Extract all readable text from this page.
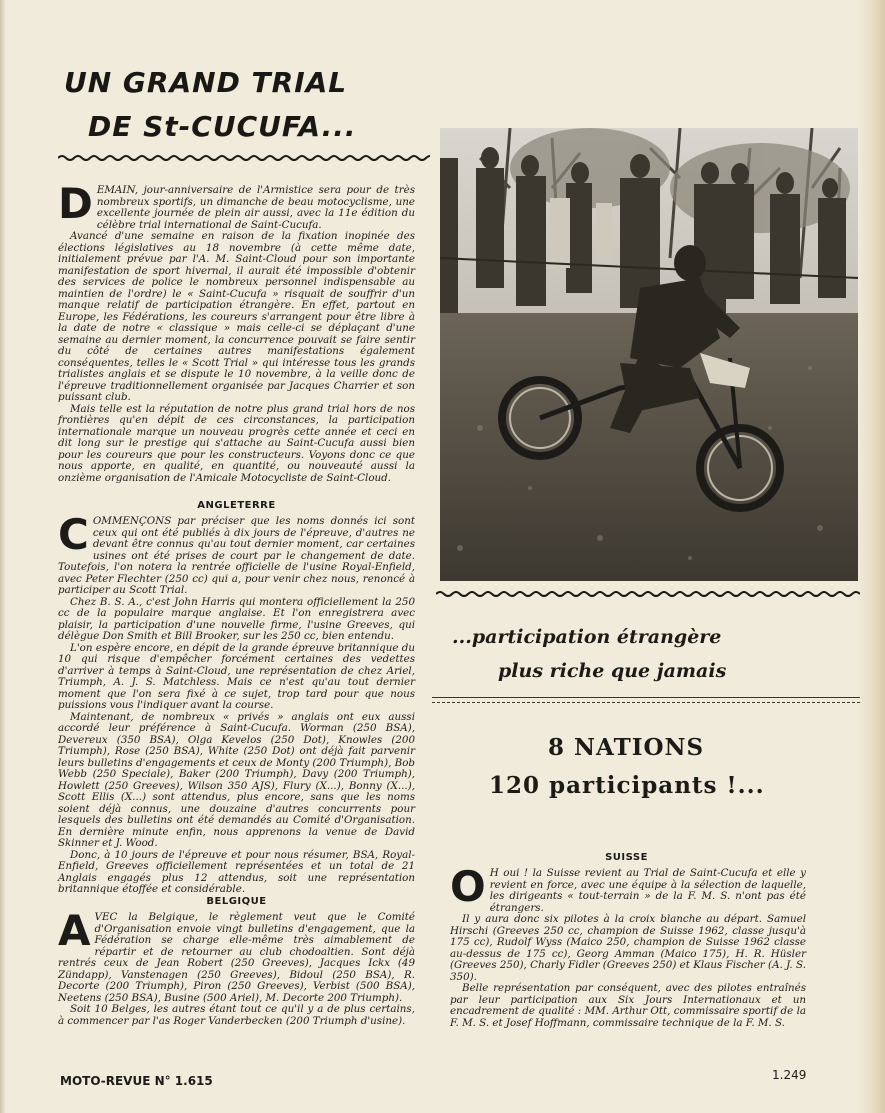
UN GRAND TRIAL
DE St-CUCUFA...

DEMAIN, jour-anniversaire de l'Armistice sera pour de très nombreux sportifs, un dimanche de beau motocyclisme, une excellente journée de plein air aussi, avec la 11e édition du célèbre trial international de Saint-Cucufa.

Avancé d'une semaine en raison de la fixation inopinée des élections législatives au 18 novembre (à cette même date, initialement prévue par l'A. M. Saint-Cloud pour son importante manifestation de sport hivernal, il aurait été impossible d'obtenir des services de police le nombreux personnel indispensable au maintien de l'ordre) le « Saint-Cucufa » risquait de souffrir d'un manque relatif de participation étrangère. En effet, partout en Europe, les Fédérations, les coureurs s'arrangent pour être libre à la date de notre « classique » mais celle-ci se déplaçant d'une semaine au dernier moment, la concurrence pouvait se faire sentir du côté de certaines autres manifestations également conséquentes, telles le « Scott Trial » qui intéresse tous les grands trialistes anglais et se dispute le 10 novembre, à la veille donc de l'épreuve traditionnellement organisée par Jacques Charrier et son puissant club.

Mais telle est la réputation de notre plus grand trial hors de nos frontières qu'en dépit de ces circonstances, la participation internationale marque un nouveau progrès cette année et ceci en dit long sur le prestige qui s'attache au Saint-Cucufa aussi bien pour les coureurs que pour les constructeurs. Voyons donc ce que nous apporte, en qualité, en quantité, ou nouveauté aussi la onzième organisation de l'Amicale Motocycliste de Saint-Cloud.

ANGLETERRE

COMMENÇONS par préciser que les noms donnés ici sont ceux qui ont été publiés à dix jours de l'épreuve, d'autres ne devant être connus qu'au tout dernier moment, car certaines usines ont été prises de court par le changement de date. Toutefois, l'on notera la rentrée officielle de l'usine Royal-Enfield, avec Peter Flechter (250 cc) qui a, pour venir chez nous, renoncé à participer au Scott Trial.

Chez B. S. A., c'est John Harris qui montera officiellement la 250 cc de la populaire marque anglaise. Et l'on enregistrera avec plaisir, la participation d'une nouvelle firme, l'usine Greeves, qui délègue Don Smith et Bill Brooker, sur les 250 cc, bien entendu.

L'on espère encore, en dépit de la grande épreuve britannique du 10 qui risque d'empêcher forcément certaines des vedettes d'arriver à temps à Saint-Cloud, une représentation de chez Ariel, Triumph, A. J. S. Matchless. Mais ce n'est qu'au tout dernier moment que l'on sera fixé à ce sujet, trop tard pour que nous puissions vous l'indiquer avant la course.

Maintenant, de nombreux « privés » anglais ont eux aussi accordé leur préférence à Saint-Cucufa. Worman (250 BSA), Devereux (350 BSA), Olga Kevelos (250 Dot), Knowles (200 Triumph), Rose (250 BSA), White (250 Dot) ont déjà fait parvenir leurs bulletins d'engagements et ceux de Monty (200 Triumph), Bob Webb (250 Speciale), Baker (200 Triumph), Davy (200 Triumph), Howlett (250 Greeves), Wilson 350 AJS), Flury (X...), Bonny (X...), Scott Ellis (X...) sont attendus, plus encore, sans que les noms soient déjà connus, une douzaine d'autres concurrents pour lesquels des bulletins ont été demandés au Comité d'Organisation. En dernière minute enfin, nous apprenons la venue de David Skinner et J. Wood.

Donc, à 10 jours de l'épreuve et pour nous résumer, BSA, Royal-Enfield, Greeves officiellement représentées et un total de 21 Anglais engagés plus 12 attendus, soit une représentation britannique étoffée et considérable.

BELGIQUE

AVEC la Belgique, le règlement veut que le Comité d'Organisation envoie vingt bulletins d'engagement, que la Fédération se charge elle-même très aimablement de répartir et de retourner au club chodoaltien. Sont déjà rentrés ceux de Jean Robert (250 Greeves), Jacques Ickx (49 Zündapp), Vanstenagen (250 Greeves), Bidoul (250 BSA), R. Decorte (200 Triumph), Piron (250 Greeves), Verbist (500 BSA), Neetens (250 BSA), Busine (500 Ariel), M. Decorte 200 Triumph).

Soit 10 Belges, les autres étant tout ce qu'il y a de plus certains, à commencer par l'as Roger Vanderbecken (200 Triumph d'usine).

...participation étrangère
plus riche que jamais
8 NATIONS
120 participants !...
SUISSE

O H oui ! la Suisse revient au Trial de Saint-Cucufa et elle y revient en force, avec une équipe à la sélection de laquelle, les dirigeants « tout-terrain » de la F. M. S. n'ont pas été étrangers.

Il y aura donc six pilotes à la croix blanche au départ. Samuel Hirschi (Greeves 250 cc, champion de Suisse 1962, classe jusqu'à 175 cc), Rudolf Wyss (Maico 250, champion de Suisse 1962 classe au-dessus de 175 cc), Georg Amman (Maico 175), H. R. Hüsler (Greeves 250), Charly Fidler (Greeves 250) et Klaus Fischer (A. J. S. 350).

Belle représentation par conséquent, avec des pilotes entraînés par leur participation aux Six Jours Internationaux et un encadrement de qualité : MM. Arthur Ott, commissaire sportif de la F. M. S. et Josef Hoffmann, commissaire technique de la F. M. S.

MOTO-REVUE N° 1.615	1.249
